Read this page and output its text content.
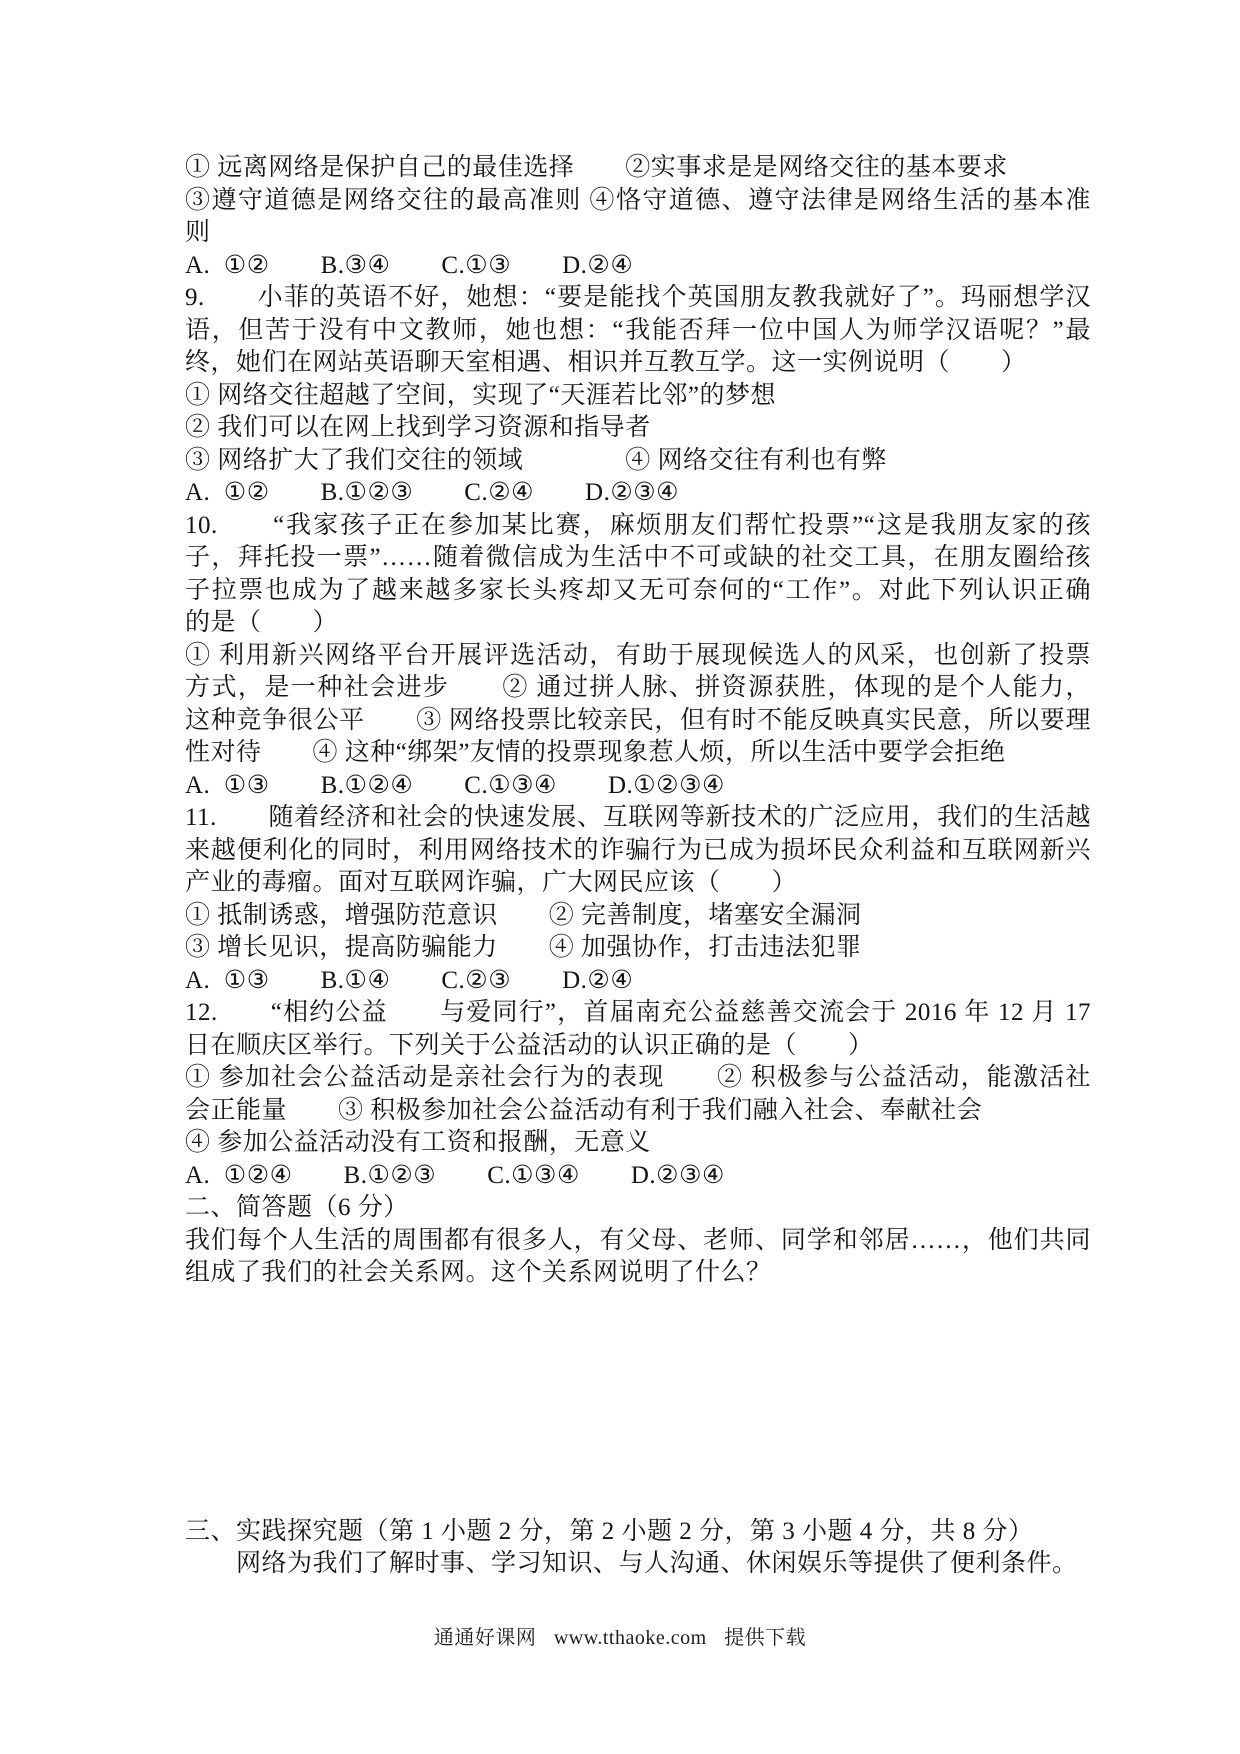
① 远离网络是保护自己的最佳选择　　②实事求是是网络交往的基本要求
③遵守道德是网络交往的最高准则 ④恪守道德、遵守法律是网络生活的基本准
则
A.  ①②　　B.③④　　C.①③　　D.②④
9.　　小菲的英语不好，她想：“要是能找个英国朋友教我就好了”。玛丽想学汉
语，但苦于没有中文教师，她也想：“我能否拜一位中国人为师学汉语呢？”最
终，她们在网站英语聊天室相遇、相识并互教互学。这一实例说明（　　）
① 网络交往超越了空间，实现了“天涯若比邻”的梦想
② 我们可以在网上找到学习资源和指导者
③ 网络扩大了我们交往的领域　　　　④ 网络交往有利也有弊
A.  ①②　　B.①②③　　C.②④　　D.②③④
10.　　“我家孩子正在参加某比赛，麻烦朋友们帮忙投票”“这是我朋友家的孩
子，拜托投一票”……随着微信成为生活中不可或缺的社交工具，在朋友圈给孩
子拉票也成为了越来越多家长头疼却又无可奈何的“工作”。对此下列认识正确
的是（　　）
① 利用新兴网络平台开展评选活动，有助于展现候选人的风采，也创新了投票
方式，是一种社会进步　　② 通过拼人脉、拼资源获胜，体现的是个人能力，
这种竞争很公平　　③ 网络投票比较亲民，但有时不能反映真实民意，所以要理
性对待　　④ 这种“绑架”友情的投票现象惹人烦，所以生活中要学会拒绝
A.  ①③　　B.①②④　　C.①③④　　D.①②③④
11.　　随着经济和社会的快速发展、互联网等新技术的广泛应用，我们的生活越
来越便利化的同时，利用网络技术的诈骗行为已成为损坏民众利益和互联网新兴
产业的毒瘤。面对互联网诈骗，广大网民应该（　　）
① 抵制诱惑，增强防范意识　　② 完善制度，堵塞安全漏洞
③ 增长见识，提高防骗能力　　④ 加强协作，打击违法犯罪
A.  ①③　　B.①④　　C.②③　　D.②④
12.　　“相约公益　　与爱同行”，首届南充公益慈善交流会于 2016 年 12 月 17
日在顺庆区举行。下列关于公益活动的认识正确的是（　　）
① 参加社会公益活动是亲社会行为的表现　　② 积极参与公益活动，能激活社
会正能量　　③ 积极参加社会公益活动有利于我们融入社会、奉献社会
④ 参加公益活动没有工资和报酬，无意义
A.  ①②④　　B.①②③　　C.①③④　　D.②③④
二、简答题（6 分）
我们每个人生活的周围都有很多人，有父母、老师、同学和邻居……，他们共同
组成了我们的社会关系网。这个关系网说明了什么？
三、实践探究题（第 1 小题 2 分，第 2 小题 2 分，第 3 小题 4 分，共 8 分）
　　网络为我们了解时事、学习知识、与人沟通、休闲娱乐等提供了便利条件。
通通好课网 www.tthaoke.com 提供下载
